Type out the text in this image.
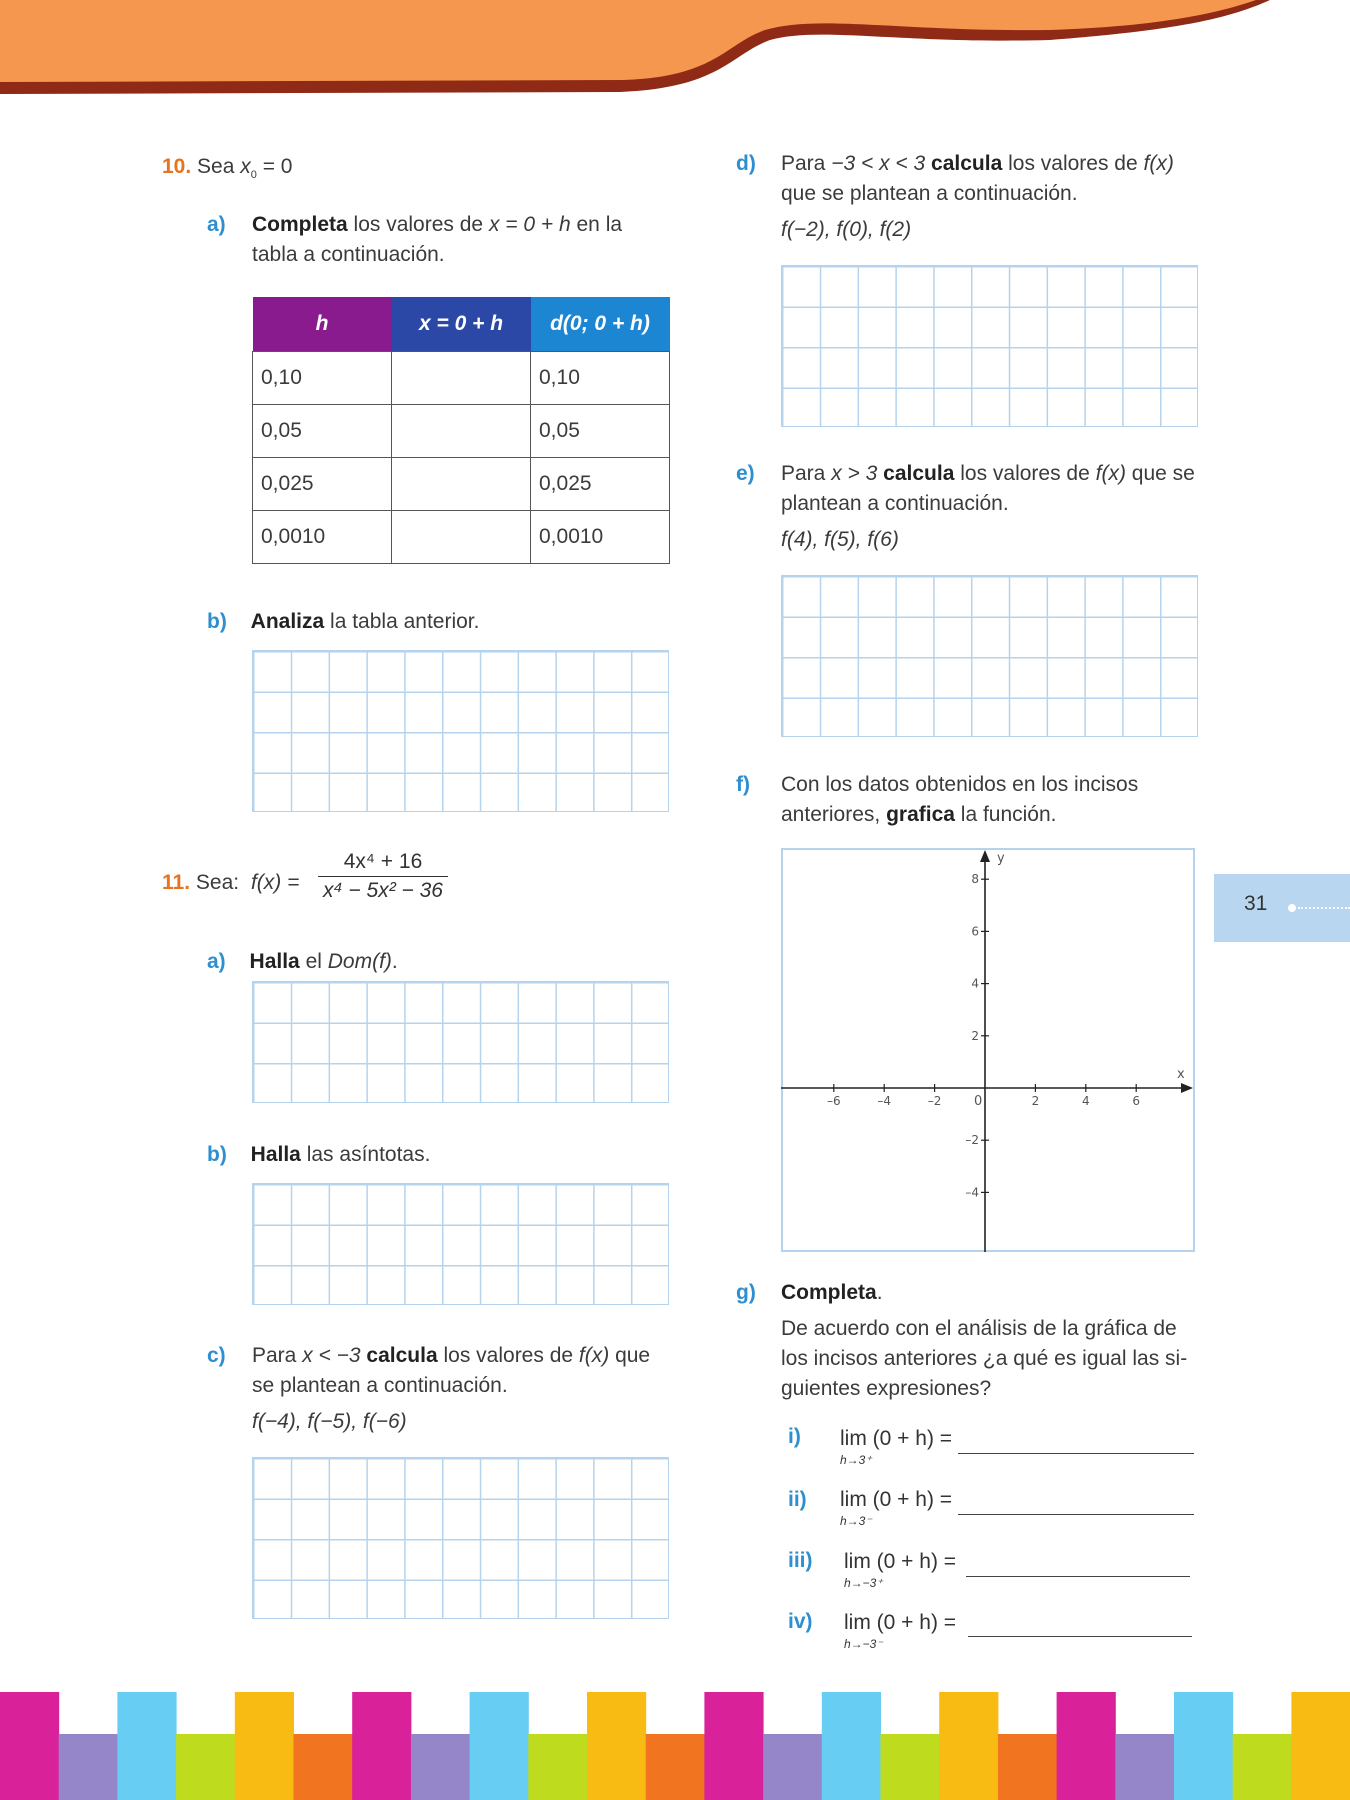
10. Sea $x_0 = 0$
a) Completa los valores de x = 0 + h en la
tabla a continuación.
h	x = 0 + h	d(0; 0 + h)
0,10		0,10
0,05		0,05
0,025		0,025
0,0010		0,0010
b) Analiza la tabla anterior.
11. Sea: $f(x) = \frac{\text{4x⁴ + 16}}{\text{x⁴ − 5x² − 36}}$
a) Halla el Dom(f).
b) Halla las asíntotas.
c) Para x < −3 calcula los valores de f(x) que
se plantean a continuación.
f(−4), f(−5), f(−6)
d) Para −3 < x < 3 calcula los valores de f(x)
que se plantean a continuación.
f(−2), f(0), f(2)
e) Para x > 3 calcula los valores de f(x) que se
plantean a continuación.
f(4), f(5), f(6)
f) Con los datos obtenidos en los incisos
anteriores, grafica la función.
–6	–4	–2	2	4	6
8
6
4
2
–2
–4
x
y
0
g) Completa.
De acuerdo con el análisis de la gráfica de
los incisos anteriores ¿a qué es igual las si-
guientes expresiones?
i) lim (0 + h) =
h→3⁺
ii) lim (0 + h) =
h→3⁻
iii) lim (0 + h) =
h→−3⁺
iv) lim (0 + h) =
h→−3⁻
31
